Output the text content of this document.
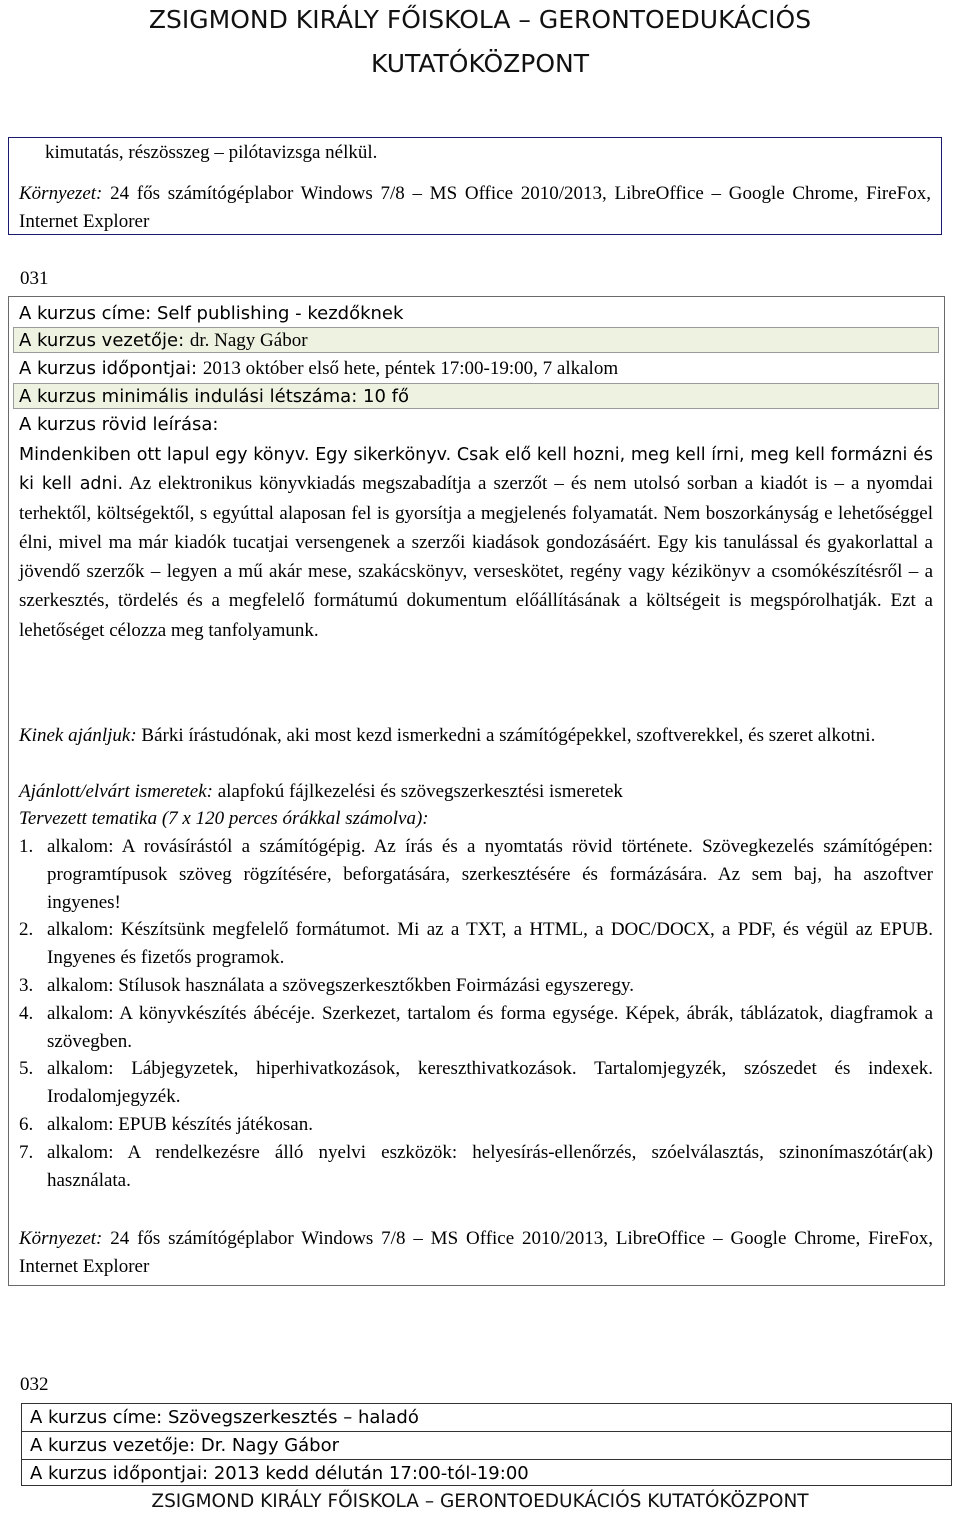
ZSIGMOND KIRÁLY FŐISKOLA – GERONTOEDUKÁCIÓS
KUTATÓKÖZPONT
kimutatás, részösszeg – pilótavizsga nélkül.
Környezet: 24 fős számítógéplabor Windows 7/8 – MS Office 2010/2013, LibreOffice – Google Chrome, FireFox, Internet Explorer
031
A kurzus címe: Self publishing - kezdőknek
A kurzus vezetője: dr. Nagy Gábor
A kurzus időpontjai: 2013 október első hete, péntek 17:00-19:00, 7 alkalom
A kurzus minimális indulási létszáma: 10 fő
A kurzus rövid leírása:
Mindenkiben ott lapul egy könyv. Egy sikerkönyv. Csak elő kell hozni, meg kell írni, meg kell formázni és ki kell adni. Az elektronikus könyvkiadás megszabadítja a szerzőt – és nem utolsó sorban a kiadót is – a nyomdai terhektől, költségektől, s egyúttal alaposan fel is gyorsítja a megjelenés folyamatát. Nem boszorkányság e lehetőséggel élni, mivel ma már kiadók tucatjai versengenek a szerzői kiadások gondozásáért. Egy kis tanulással és gyakorlattal a jövendő szerzők – legyen a mű akár mese, szakácskönyv, verseskötet, regény vagy kézikönyv a csomókészítésről – a szerkesztés, tördelés és a megfelelő formátumú dokumentum előállításának a költségeit is megspórolhatják. Ezt a lehetőséget célozza meg tanfolyamunk.
Kinek ajánljuk: Bárki írástudónak, aki most kezd ismerkedni a számítógépekkel, szoftverekkel, és szeret alkotni.
Ajánlott/elvárt ismeretek: alapfokú fájlkezelési és szövegszerkesztési ismeretek
Tervezett tematika (7 x 120 perces órákkal számolva):
1. alkalom: A rovásírástól a számítógépig. Az írás és a nyomtatás rövid története. Szövegkezelés számítógépen: programtípusok szöveg rögzítésére, beforgatására, szerkesztésére és formázására. Az sem baj, ha aszoftver ingyenes!
2. alkalom: Készítsünk megfelelő formátumot. Mi az a TXT, a HTML, a DOC/DOCX, a PDF, és végül az EPUB. Ingyenes és fizetős programok.
3. alkalom: Stílusok használata a szövegszerkesztőkben Foirmázási egyszeregy.
4. alkalom: A könyvkészítés ábécéje. Szerkezet, tartalom és forma egysége. Képek, ábrák, táblázatok, diagframok a szövegben.
5. alkalom: Lábjegyzetek, hiperhivatkozások, kereszthivatkozások. Tartalomjegyzék, szószedet és indexek. Irodalomjegyzék.
6. alkalom: EPUB készítés játékosan.
7. alkalom: A rendelkezésre álló nyelvi eszközök: helyesírás-ellenőrzés, szóelválasztás, szinonímaszótár(ak) használata.
Környezet: 24 fős számítógéplabor Windows 7/8 – MS Office 2010/2013, LibreOffice – Google Chrome, FireFox, Internet Explorer
032
A kurzus címe: Szövegszerkesztés – haladó
A kurzus vezetője: Dr. Nagy Gábor
A kurzus időpontjai: 2013 kedd délután 17:00-tól-19:00
ZSIGMOND KIRÁLY FŐISKOLA – GERONTOEDUKÁCIÓS KUTATÓKÖZPONT
